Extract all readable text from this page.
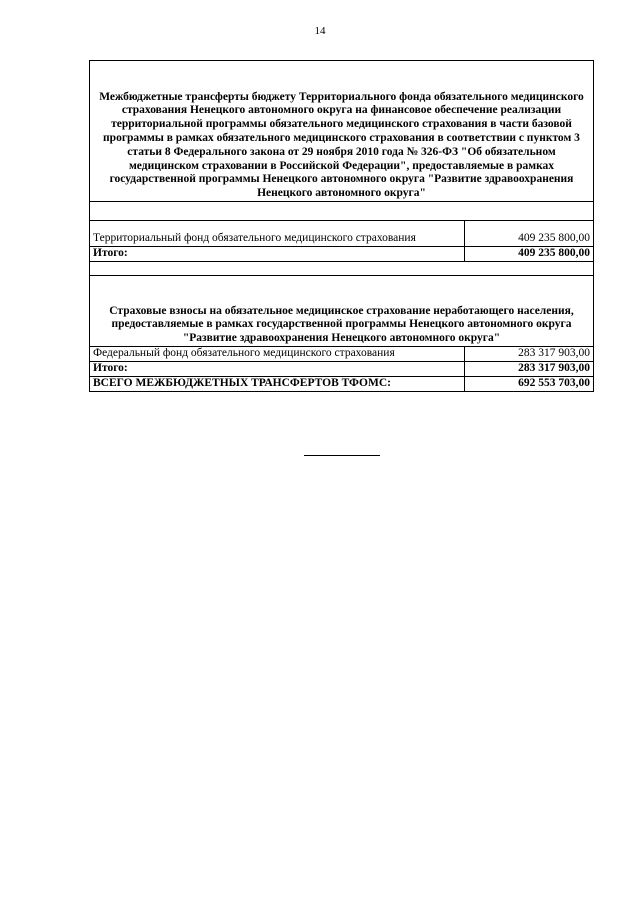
14
Межбюджетные трансферты бюджету Территориального фонда обязательного медицинского страхования Ненецкого автономного округа на финансовое обеспечение реализации территориальной программы обязательного медицинского страхования в части базовой программы в рамках обязательного медицинского страхования в соответствии с пунктом 3 статьи 8 Федерального закона от 29 ноября 2010 года № 326-ФЗ "Об обязательном медицинском страховании в Российской Федерации", предоставляемые в рамках государственной программы Ненецкого автономного округа "Развитие здравоохранения Ненецкого автономного округа"	

Территориальный фонд обязательного медицинского страхования	409 235 800,00
Итого:	409 235 800,00

Страховые взносы на обязательное медицинское страхование неработающего населения, предоставляемые в рамках государственной программы Ненецкого автономного округа "Развитие здравоохранения Ненецкого автономного округа"	
Федеральный фонд обязательного медицинского страхования	283 317 903,00
Итого:	283 317 903,00
ВСЕГО МЕЖБЮДЖЕТНЫХ ТРАНСФЕРТОВ ТФОМС:	692 553 703,00
